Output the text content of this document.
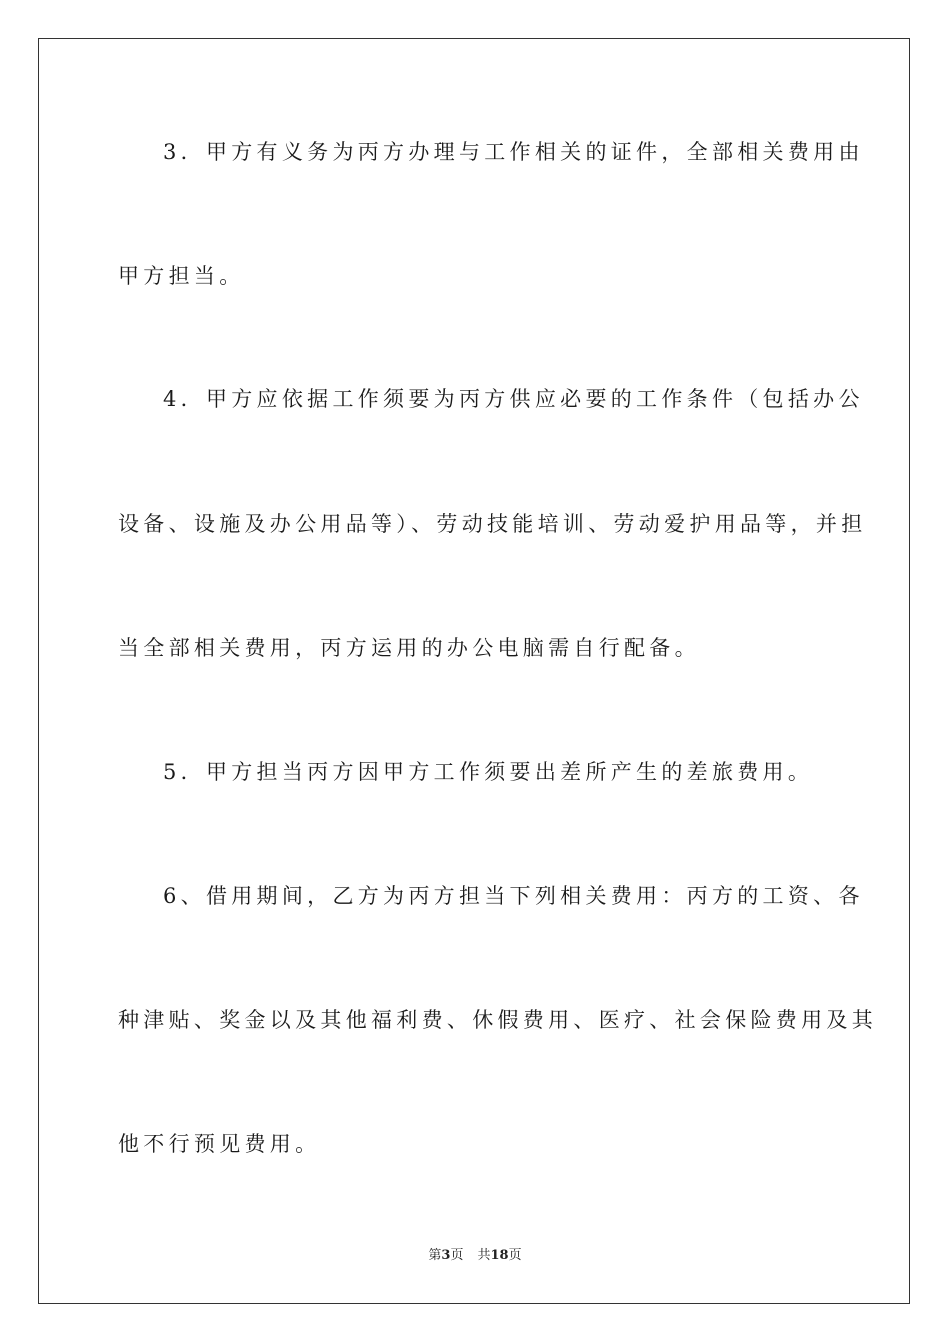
3．甲方有义务为丙方办理与工作相关的证件，全部相关费用由
甲方担当。
4．甲方应依据工作须要为丙方供应必要的工作条件（包括办公
设备、设施及办公用品等）、劳动技能培训、劳动爱护用品等，并担
当全部相关费用，丙方运用的办公电脑需自行配备。
5．甲方担当丙方因甲方工作须要出差所产生的差旅费用。
6、借用期间，乙方为丙方担当下列相关费用：丙方的工资、各
种津贴、奖金以及其他福利费、休假费用、医疗、社会保险费用及其
他不行预见费用。
第3页 共18页
